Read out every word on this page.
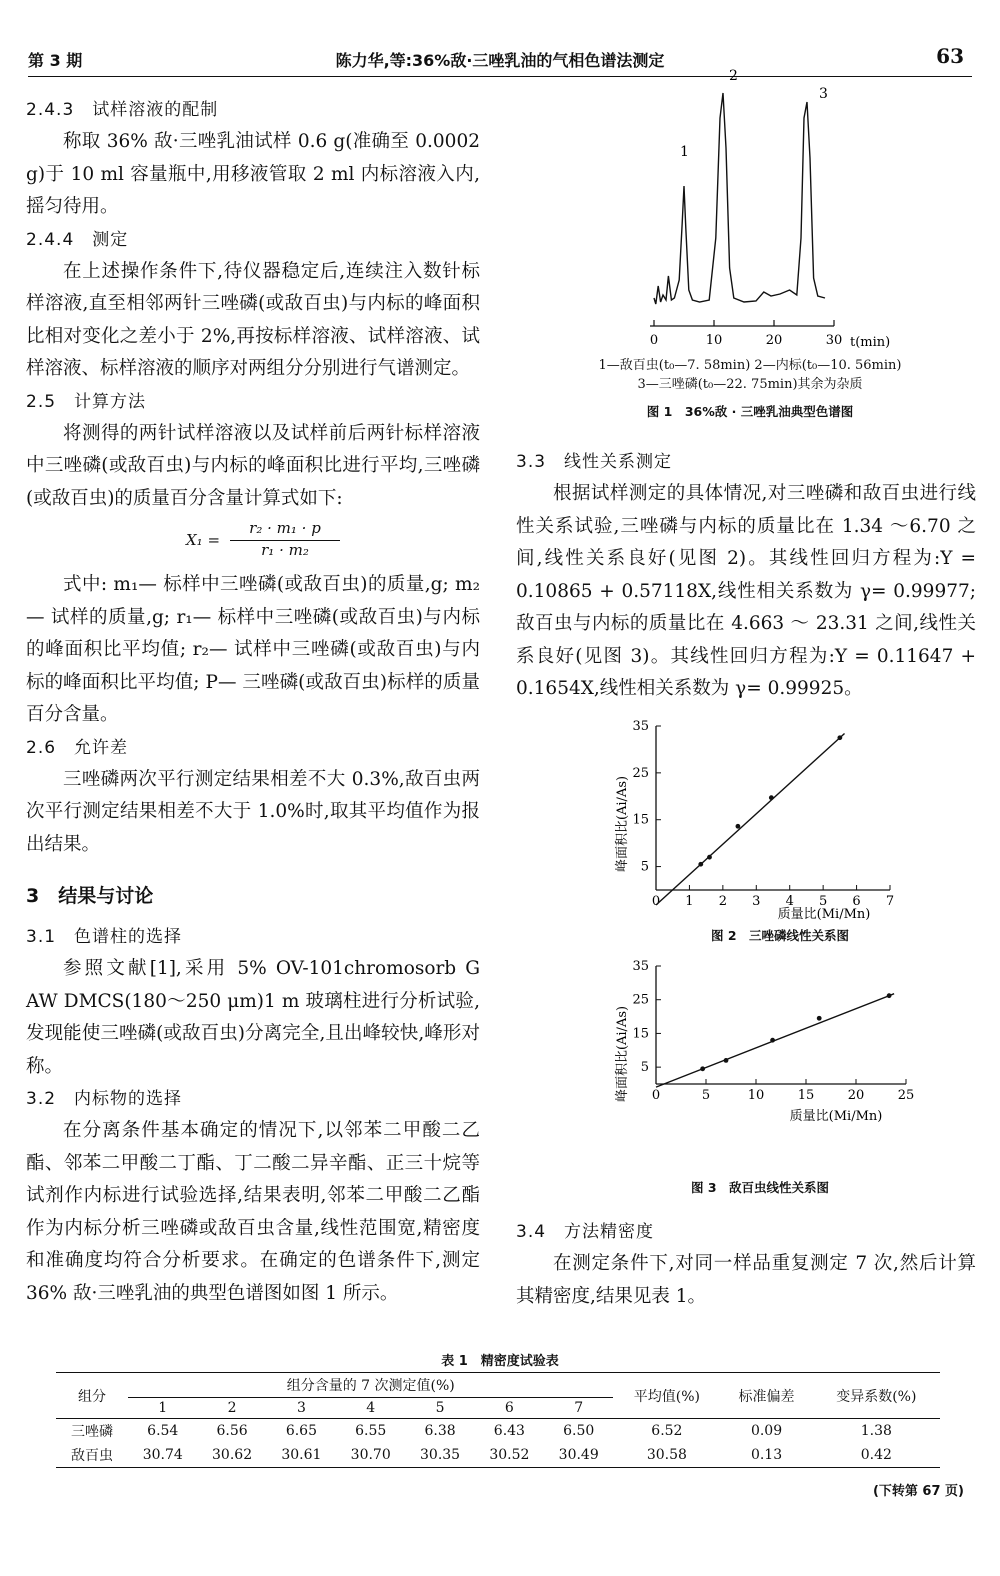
第 3 期	陈力华,等:36%敌·三唑乳油的气相色谱法测定	63
2.4.3　试样溶液的配制

称取 36% 敌·三唑乳油试样 0.6 g(准确至 0.0002 g)于 10 ml 容量瓶中,用移液管取 2 ml 内标溶液入内,摇匀待用。

2.4.4　测定

在上述操作条件下,待仪器稳定后,连续注入数针标样溶液,直至相邻两针三唑磷(或敌百虫)与内标的峰面积比相对变化之差小于 2%,再按标样溶液、试样溶液、试样溶液、标样溶液的顺序对两组分分别进行气谱测定。

2.5　计算方法

将测得的两针试样溶液以及试样前后两针标样溶液中三唑磷(或敌百虫)与内标的峰面积比进行平均,三唑磷(或敌百虫)的质量百分含量计算式如下:

X₁ =
r₂ · m₁ · p
r₁ · m₂

式中: m₁— 标样中三唑磷(或敌百虫)的质量,g; m₂— 试样的质量,g; r₁— 标样中三唑磷(或敌百虫)与内标的峰面积比平均值; r₂— 试样中三唑磷(或敌百虫)与内标的峰面积比平均值; P— 三唑磷(或敌百虫)标样的质量百分含量。

2.6　允许差

三唑磷两次平行测定结果相差不大 0.3%,敌百虫两次平行测定结果相差不大于 1.0%时,取其平均值作为报出结果。

3　结果与讨论
3.1　色谱柱的选择

参照文献[1],采用 5% OV-101chromosorb G AW DMCS(180～250 μm)1 m 玻璃柱进行分析试验,发现能使三唑磷(或敌百虫)分离完全,且出峰较快,峰形对称。

3.2　内标物的选择

在分离条件基本确定的情况下,以邻苯二甲酸二乙酯、邻苯二甲酸二丁酯、丁二酸二异辛酯、正三十烷等试剂作内标进行试验选择,结果表明,邻苯二甲酸二乙酯作为内标分析三唑磷或敌百虫含量,线性范围宽,精密度和准确度均符合分析要求。在确定的色谱条件下,测定 36% 敌·三唑乳油的典型色谱图如图 1 所示。

0	10	20	30
1
2
3
t(min)
1—敌百虫(t₀—7. 58min) 2—内标(t₀—10. 56min)
3—三唑磷(t₀—22. 75min)其余为杂质
图 1　36%敌 · 三唑乳油典型色谱图
3.3　线性关系测定

根据试样测定的具体情况,对三唑磷和敌百虫进行线性关系试验,三唑磷与内标的质量比在 1.34 ～6.70 之间,线性关系良好(见图 2)。其线性回归方程为:Y = 0.10865 + 0.57118X,线性相关系数为 γ= 0.99977;敌百虫与内标的质量比在 4.663 ～ 23.31 之间,线性关系良好(见图 3)。其线性回归方程为:Y = 0.11647 + 0.1654X,线性相关系数为 γ= 0.99925。

峰面积比(Ai/As)
质量比(Mi/Mn)
0 1 2 3 4 5 6 7
5
15
25
35
图 2　三唑磷线性关系图
峰面积比(Ai/As)
质量比(Mi/Mn)
0	5	10	15	20	25
5
15
25
35
图 3　敌百虫线性关系图
3.4　方法精密度

在测定条件下,对同一样品重复测定 7 次,然后计算其精密度,结果见表 1。

表 1　精密度试验表
组分	组分含量的 7 次测定值(%)							平均值(%)	标准偏差	变异系数(%)
	1	2	3	4	5	6	7			
三唑磷	6.54	6.56	6.65	6.55	6.38	6.43	6.50	6.52	0.09	1.38
敌百虫	30.74	30.62	30.61	30.70	30.35	30.52	30.49	30.58	0.13	0.42
(下转第 67 页)
